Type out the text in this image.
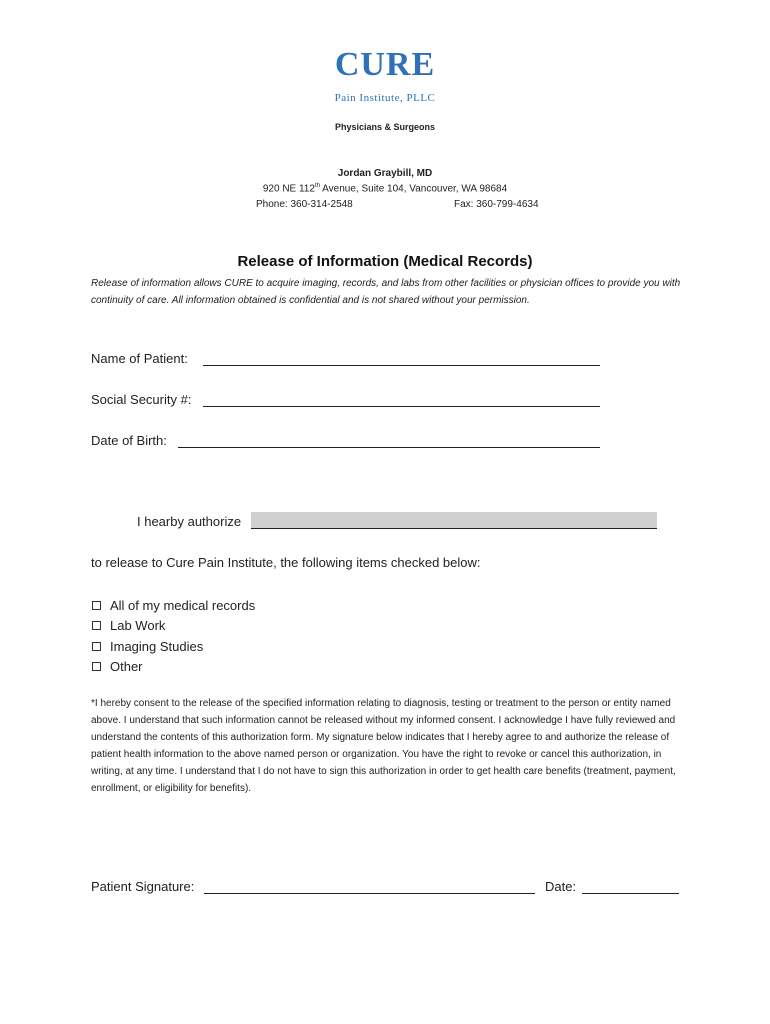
CURE
Pain Institute, PLLC
Physicians & Surgeons
Jordan Graybill, MD
920 NE 112th Avenue, Suite 104, Vancouver, WA 98684
Phone: 360-314-2548	Fax: 360-799-4634
Release of Information (Medical Records)
Release of information allows CURE to acquire imaging, records, and labs from other facilities or physician offices to provide you with continuity of care. All information obtained is confidential and is not shared without your permission.
Name of Patient:
Social Security #:
Date of Birth:
I hearby authorize
to release to Cure Pain Institute, the following items checked below:
All of my medical records
Lab Work
Imaging Studies
Other
*I hereby consent to the release of the specified information relating to diagnosis, testing or treatment to the person or entity named above. I understand that such information cannot be released without my informed consent. I acknowledge I have fully reviewed and understand the contents of this authorization form. My signature below indicates that I hereby agree to and authorize the release of patient health information to the above named person or organization. You have the right to revoke or cancel this authorization, in writing, at any time. I understand that I do not have to sign this authorization in order to get health care benefits (treatment, payment, enrollment, or eligibility for benefits).
Patient Signature:	Date:
